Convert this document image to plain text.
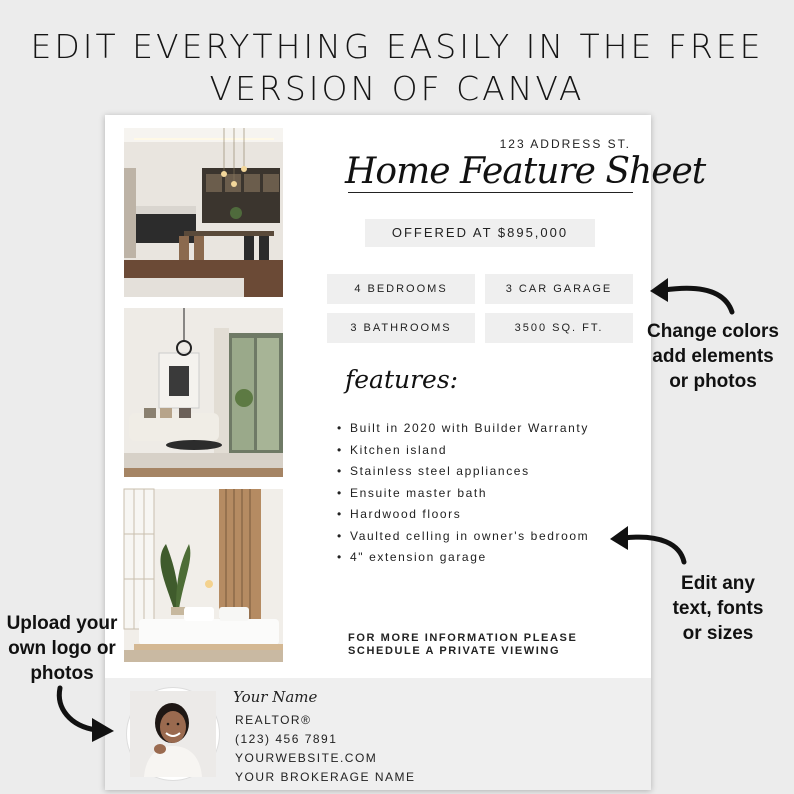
EDIT EVERYTHING EASILY IN THE FREE
VERSION OF CANVA
123 ADDRESS ST.
Home Feature Sheet
OFFERED AT $895,000
4 BEDROOMS	3 CAR GARAGE
3 BATHROOMS	3500 SQ. FT.
features:
• Built in 2020 with Builder Warranty
• Kitchen island
• Stainless steel appliances
• Ensuite master bath
• Hardwood floors
• Vaulted celling in owner's bedroom
• 4" extension garage
FOR MORE INFORMATION PLEASE
SCHEDULE A PRIVATE VIEWING
Your Name
REALTOR®
(123) 456 7891
YOURWEBSITE.COM
YOUR BROKERAGE NAME
Change colors
add elements
or photos
Edit any
text, fonts
or sizes
Upload your
own logo or
photos
